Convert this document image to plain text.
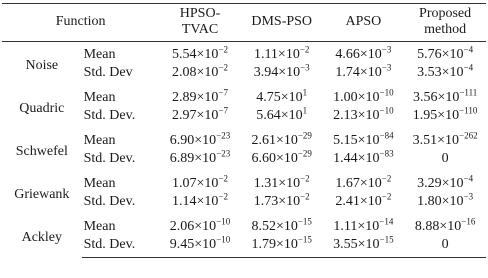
Function		HPSO-TVAC	DMS-PSO	APSO	Proposed method
Noise	Mean	$5.54\times 10^{-2}$	$1.11\times 10^{-2}$	$4.66\times 10^{-3}$	$5.76\times 10^{-4}$
	Std. Dev	$2.08\times 10^{-2}$	$3.94\times 10^{-3}$	$1.74\times 10^{-3}$	$3.53\times 10^{-4}$
Quadric	Mean	$2.89\times 10^{-7}$	$4.75\times 10^1$	$1.00\times 10^{-10}$	$3.56\times 10^{-111}$
	Std. Dev.	$2.97\times 10^{-7}$	$5.64\times 10^1$	$2.13\times 10^{-10}$	$1.95\times 10^{-110}$
Schwefel	Mean	$6.90\times 10^{-23}$	$2.61\times 10^{-29}$	$5.15\times 10^{-84}$	$3.51\times 10^{-262}$
	Std. Dev.	$6.89\times 10^{-23}$	$6.60\times 10^{-29}$	$1.44\times 10^{-83}$	0
Griewank	Mean	$1.07\times 10^{-2}$	$1.31\times 10^{-2}$	$1.67\times 10^{-2}$	$3.29\times 10^{-4}$
	Std. Dev.	$1.14\times 10^{-2}$	$1.73\times 10^{-2}$	$2.41\times 10^{-2}$	$1.80\times 10^{-3}$
Ackley	Mean	$2.06\times 10^{-10}$	$8.52\times 10^{-15}$	$1.11\times 10^{-14}$	$8.88\times 10^{-16}$
	Std. Dev.	$9.45\times 10^{-10}$	$1.79\times 10^{-15}$	$3.55\times 10^{-15}$	0
